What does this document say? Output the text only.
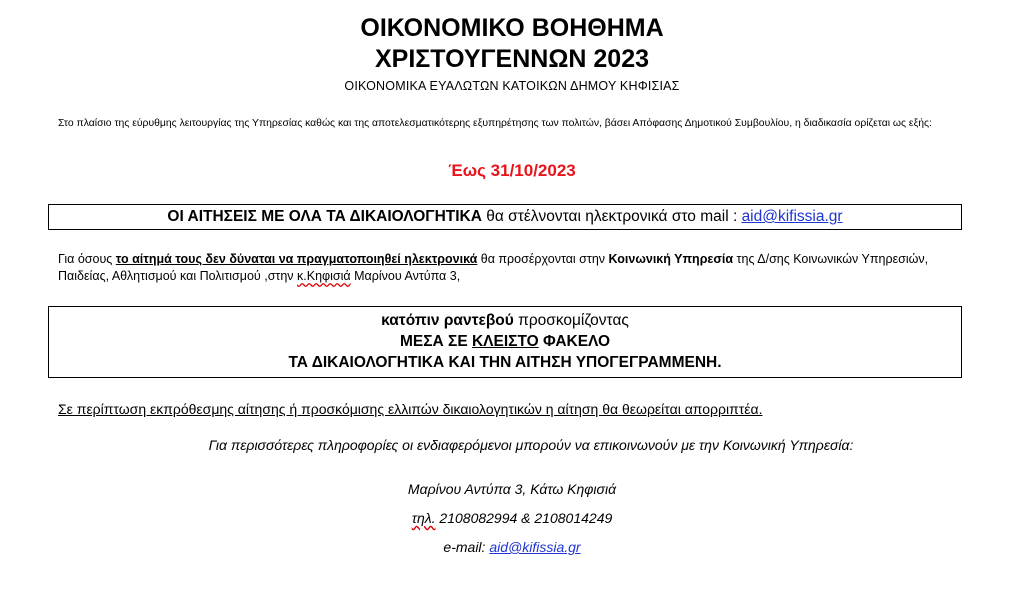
ΟΙΚΟΝΟΜΙΚΟ ΒΟΗΘΗΜΑ
ΧΡΙΣΤΟΥΓΕΝΝΩΝ 2023
ΟΙΚΟΝΟΜΙΚΑ ΕΥΑΛΩΤΩΝ ΚΑΤΟΙΚΩΝ ΔΗΜΟΥ ΚΗΦΙΣΙΑΣ
Στο πλαίσιο της εύρυθμης λειτουργίας της Υπηρεσίας καθώς και της αποτελεσματικότερης εξυπηρέτησης των πολιτών, βάσει Απόφασης Δημοτικού Συμβουλίου, η διαδικασία ορίζεται ως εξής:
Έως 31/10/2023
ΟΙ ΑΙΤΗΣΕΙΣ ΜΕ ΟΛΑ ΤΑ ΔΙΚΑΙΟΛΟΓΗΤΙΚΑ θα στέλνονται ηλεκτρονικά στο mail : aid@kifissia.gr
Για όσους το αίτημά τους δεν δύναται να πραγματοποιηθεί ηλεκτρονικά θα προσέρχονται στην Κοινωνική Υπηρεσία της Δ/σης Κοινωνικών Υπηρεσιών, Παιδείας, Αθλητισμού και Πολιτισμού ,στην κ.Κηφισιά Μαρίνου Αντύπα 3,
κατόπιν ραντεβού προσκομίζοντας
ΜΕΣΑ ΣΕ ΚΛΕΙΣΤΟ ΦΑΚΕΛΟ
ΤΑ ΔΙΚΑΙΟΛΟΓΗΤΙΚΑ ΚΑΙ ΤΗΝ ΑΙΤΗΣΗ ΥΠΟΓΕΓΡΑΜΜΕΝΗ.
Σε περίπτωση εκπρόθεσμης αίτησης ή προσκόμισης ελλιπών δικαιολογητικών η αίτηση θα θεωρείται απορριπτέα.
Για περισσότερες πληροφορίες οι ενδιαφερόμενοι μπορούν να επικοινωνούν με την Κοινωνική Υπηρεσία:
Μαρίνου Αντύπα 3, Κάτω Κηφισιά
τηλ. 2108082994 & 2108014249
e-mail: aid@kifissia.gr
